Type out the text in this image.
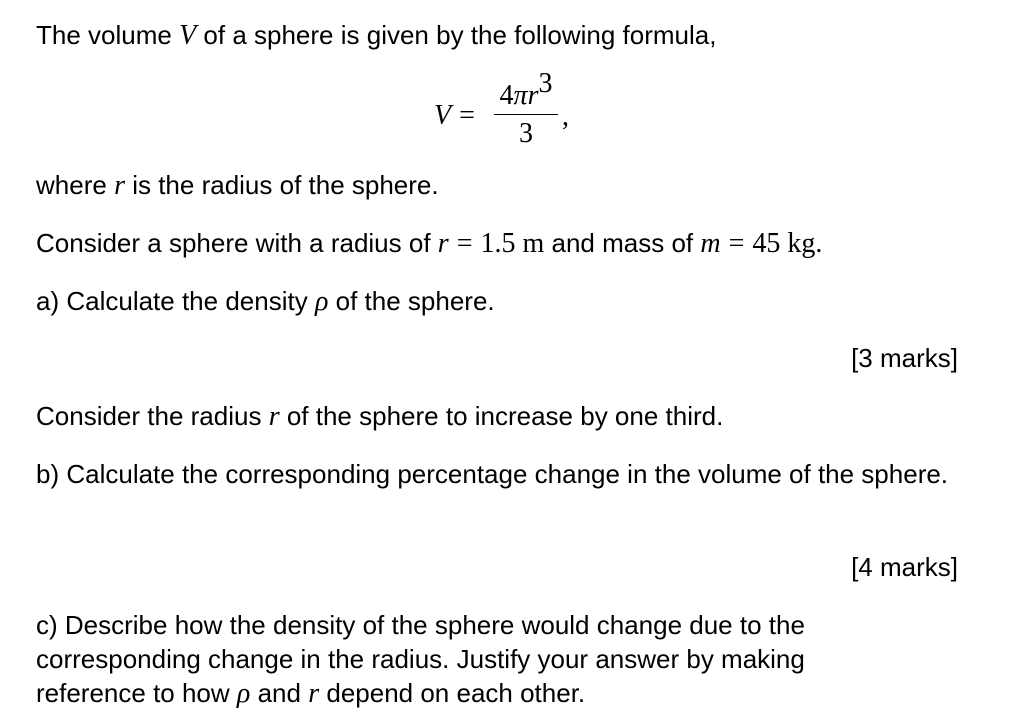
The volume V of a sphere is given by the following formula,
V =
$4\pi r^3$
3
,
where r is the radius of the sphere.
Consider a sphere with a radius of r = 1.5 m and mass of m = 45 kg.
a) Calculate the density ρ of the sphere.
[3 marks]
Consider the radius r of the sphere to increase by one third.
b) Calculate the corresponding percentage change in the volume of the sphere.
[4 marks]
c) Describe how the density of the sphere would change due to the corresponding change in the radius. Justify your answer by making reference to how ρ and r depend on each other.
